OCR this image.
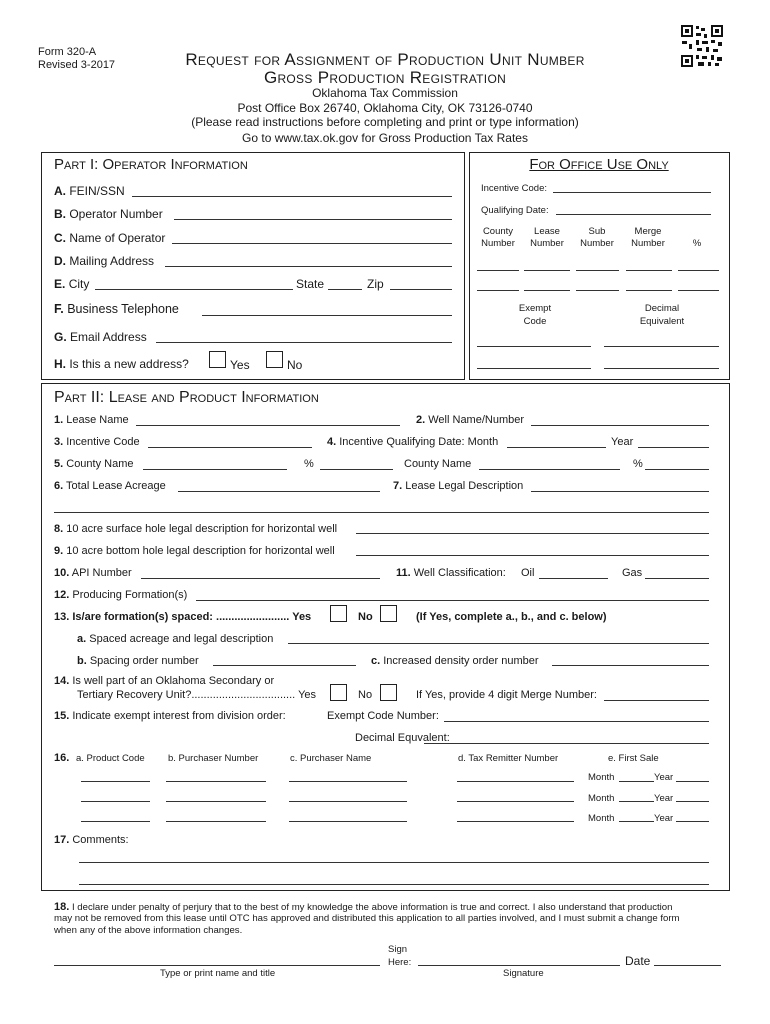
Form 320-A
Revised 3-2017	Request for Assignment of Production Unit Number
Gross Production Registration
Oklahoma Tax Commission
Post Office Box 26740, Oklahoma City, OK 73126-0740
(Please read instructions before completing and print or type information)
Go to www.tax.ok.gov for Gross Production Tax Rates
Part I: Operator Information
A. FEIN/SSN
B. Operator Number
C. Name of Operator
D. Mailing Address
E. City	State	Zip
F. Business Telephone
G. Email Address
H. Is this a new address?	Yes	No
For Office Use Only
Incentive Code:
Qualifying Date:
County
Number
Lease
Number
Sub
Number
Merge
Number	%
Exempt
Code
Decimal
Equivalent
Part II: Lease and Product Information
1. Lease Name	2. Well Name/Number
3. Incentive Code	4. Incentive Qualifying Date: Month	Year
5. County Name	%	County Name	%
6. Total Lease Acreage	7. Lease Legal Description
8. 10 acre surface hole legal description for horizontal well
9. 10 acre bottom hole legal description for horizontal well
10. API Number	11. Well Classification: Oil	Gas
12. Producing Formation(s)
13. Is/are formation(s) spaced: ........................ Yes	No	(If Yes, complete a., b., and c. below)
a. Spaced acreage and legal description
b. Spacing order number	c. Increased density order number
14. Is well part of an Oklahoma Secondary or
Tertiary Recovery Unit?.................................. Yes	No	If Yes, provide 4 digit Merge Number:
15. Indicate exempt interest from division order:	Exempt Code Number:
Decimal Equvalent:
16. a. Product Code b. Purchaser Number	c. Purchaser Name	d. Tax Remitter Number	e. First Sale
Month	Year
Month	Year
Month	Year
17. Comments:
18. I declare under penalty of perjury that to the best of my knowledge the above information is true and correct. I also understand that production
may not be removed from this lease until OTC has approved and distributed this application to all parties involved, and I must submit a change form
when any of the above information changes.
Type or print name and title
Sign
Here:
Signature
Date
